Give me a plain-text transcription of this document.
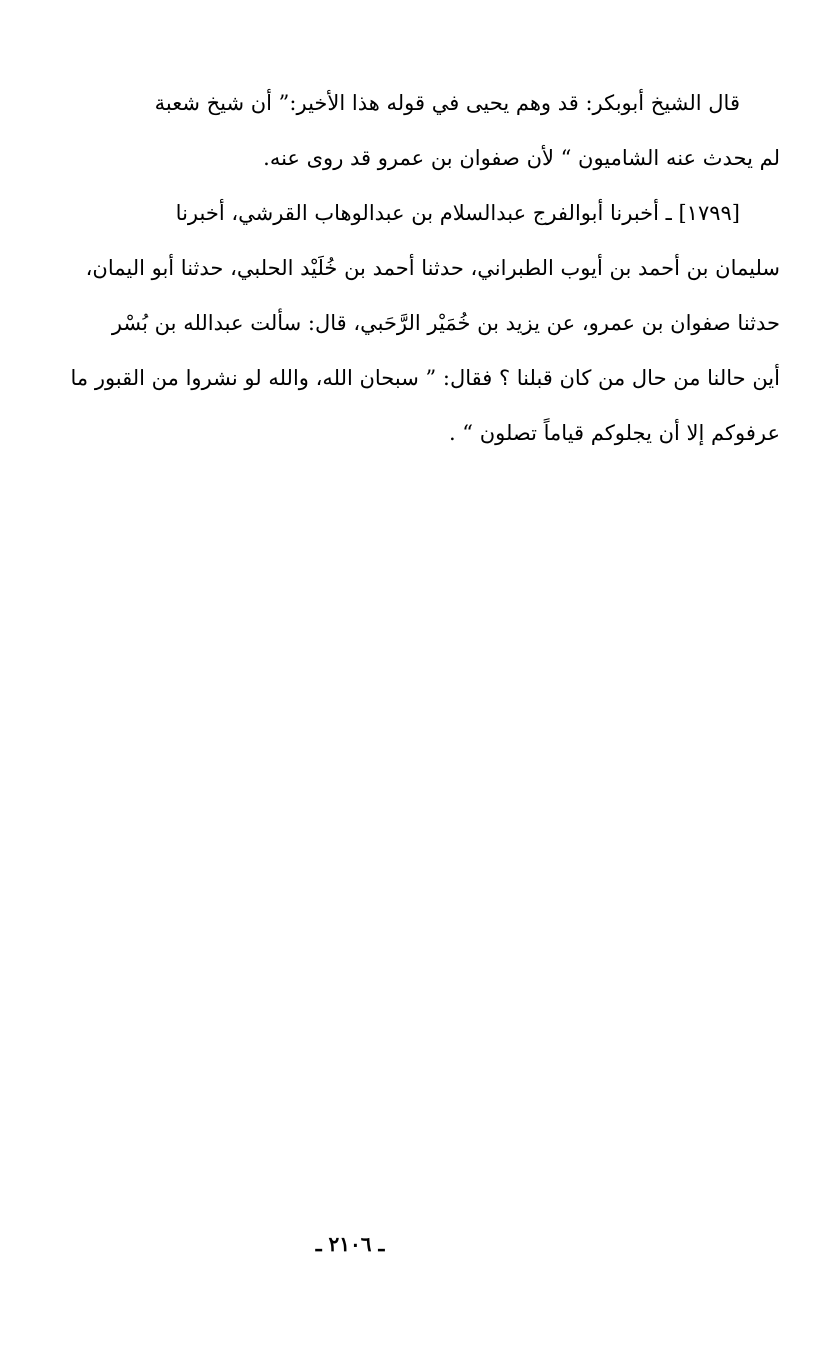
قال الشيخ أبوبكر: قد وهم يحيى في قوله هذا الأخير:” أن شيخ شعبة
لم يحدث عنه الشاميون “ لأن صفوان بن عمرو قد روى عنه.
[١٧٩٩] ـ أخبرنا أبوالفرج عبدالسلام بن عبدالوهاب القرشي، أخبرنا
سليمان بن أحمد بن أيوب الطبراني، حدثنا أحمد بن خُلَيْد الحلبي، حدثنا أبو اليمان،
حدثنا صفوان بن عمرو، عن يزيد بن خُمَيْر الرَّحَبي، قال: سألت عبدالله بن بُسْر
أين حالنا من حال من كان قبلنا ؟ فقال: ” سبحان الله، والله لو نشروا من القبور ما
عرفوكم إلا أن يجلوكم قياماً تصلون “ .
ـ ٢١٠٦ ـ
